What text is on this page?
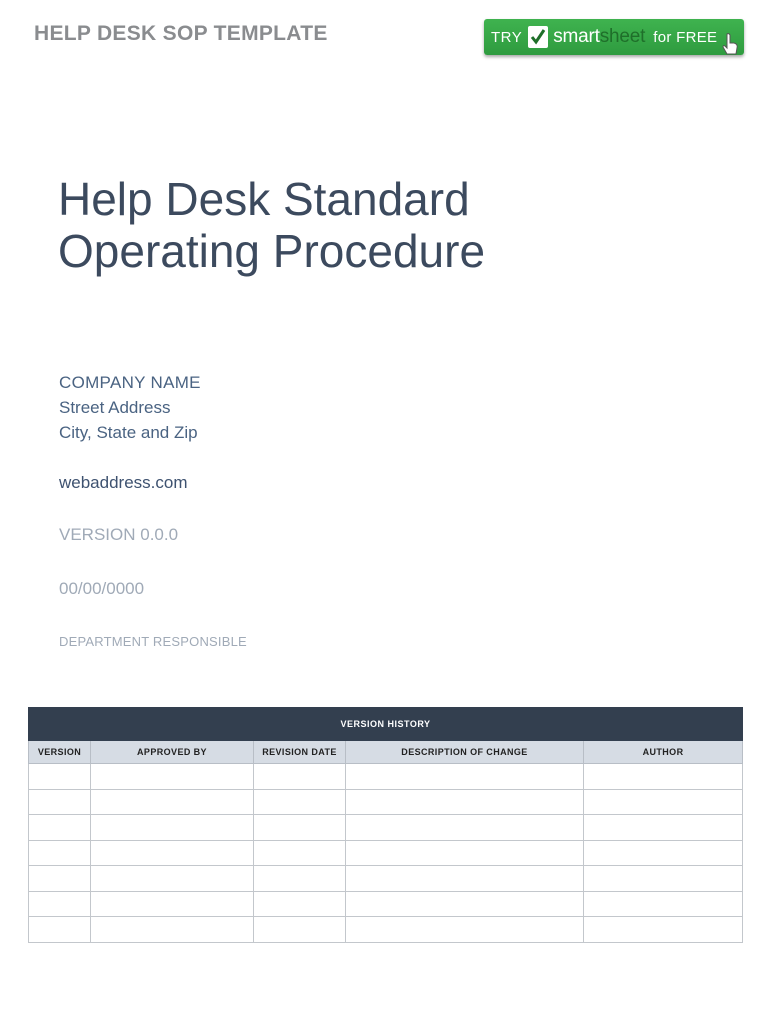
HELP DESK SOP TEMPLATE	TRY smartsheet for FREE
Help Desk Standard
Operating Procedure
COMPANY NAME
Street Address
City, State and Zip
webaddress.com
VERSION 0.0.0
00/00/0000
DEPARTMENT RESPONSIBLE
VERSION HISTORY				
VERSION	APPROVED BY	REVISION DATE	DESCRIPTION OF CHANGE	AUTHOR
